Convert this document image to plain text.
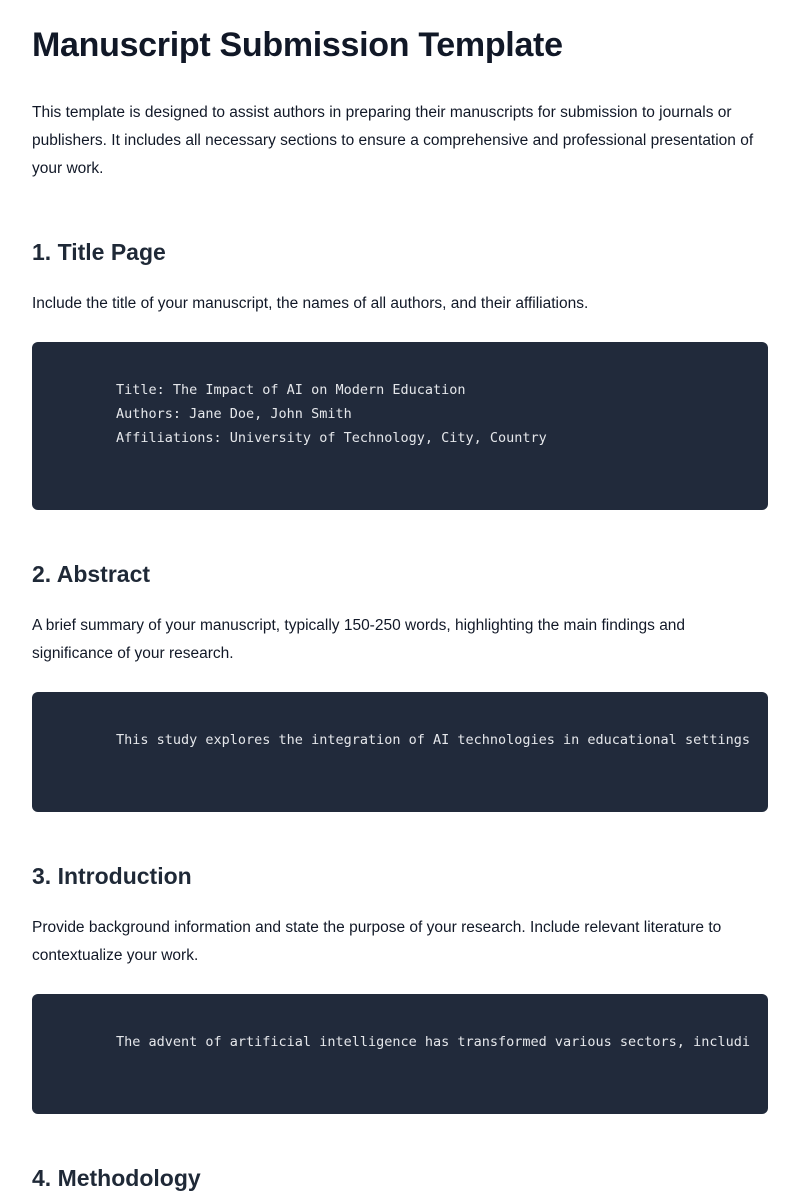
Manuscript Submission Template

This template is designed to assist authors in preparing their manuscripts for submission to journals or publishers. It includes all necessary sections to ensure a comprehensive and professional presentation of your work.

1. Title Page

Include the title of your manuscript, the names of all authors, and their affiliations.

Title: The Impact of AI on Modern Education
Authors: Jane Doe, John Smith
Affiliations: University of Technology, City, Country
2. Abstract

A brief summary of your manuscript, typically 150-250 words, highlighting the main findings and significance of your research.

This study explores the integration of AI technologies in educational settings
3. Introduction

Provide background information and state the purpose of your research. Include relevant literature to contextualize your work.

The advent of artificial intelligence has transformed various sectors, includi
4. Methodology
